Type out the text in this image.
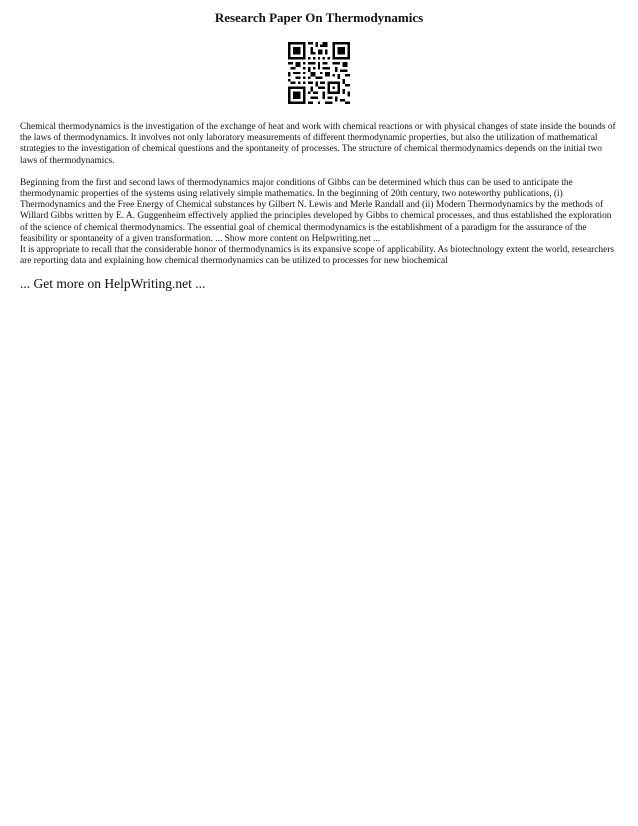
Research Paper On Thermodynamics

Chemical thermodynamics is the investigation of the exchange of heat and work with chemical reactions or with physical changes of state inside the bounds of the laws of thermodynamics. It involves not only laboratory measurements of different thermodynamic properties, but also the utilization of mathematical strategies to the investigation of chemical questions and the spontaneity of processes. The structure of chemical thermodynamics depends on the initial two laws of thermodynamics.

Beginning from the first and second laws of thermodynamics major conditions of Gibbs can be determined which thus can be used to anticipate the thermodynamic properties of the systems using relatively simple mathematics. In the beginning of 20th century, two noteworthy publications, (i) Thermodynamics and the Free Energy of Chemical substances by Gilbert N. Lewis and Merle Randall and (ii) Modern Thermodynamics by the methods of Willard Gibbs written by E. A. Guggenheim effectively applied the principles developed by Gibbs to chemical processes, and thus established the exploration of the science of chemical thermodynamics. The essential goal of chemical thermodynamics is the establishment of a paradigm for the assurance of the feasibility or spontaneity of a given transformation. ... Show more content on Helpwriting.net ...

It is appropriate to recall that the considerable honor of thermodynamics is its expansive scope of applicability. As biotechnology extent the world, researchers are reporting data and explaining how chemical thermodynamics can be utilized to processes for new biochemical

... Get more on HelpWriting.net ...
